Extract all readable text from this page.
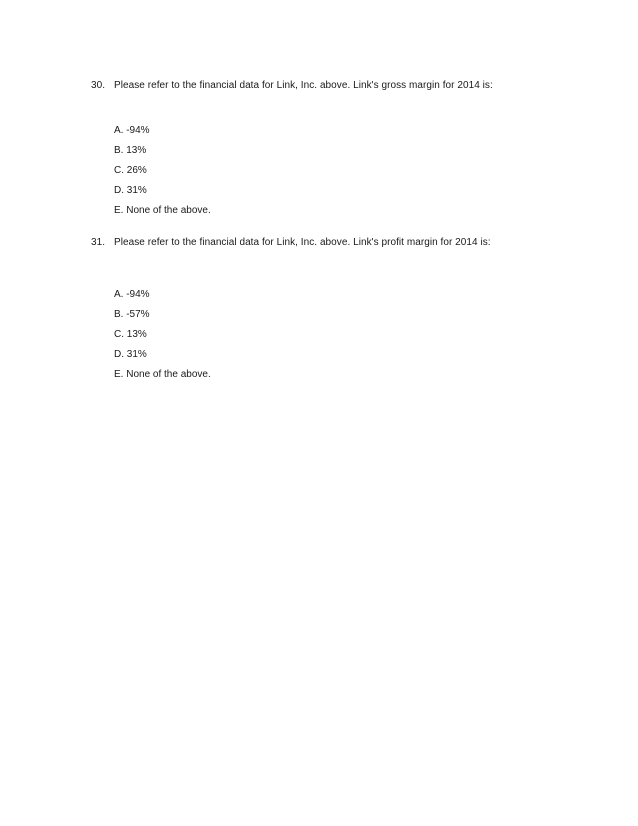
30. Please refer to the financial data for Link, Inc. above. Link's gross margin for 2014 is:
A. -94%
B. 13%
C. 26%
D. 31%
E. None of the above.
31. Please refer to the financial data for Link, Inc. above. Link's profit margin for 2014 is:
A. -94%
B. -57%
C. 13%
D. 31%
E. None of the above.
